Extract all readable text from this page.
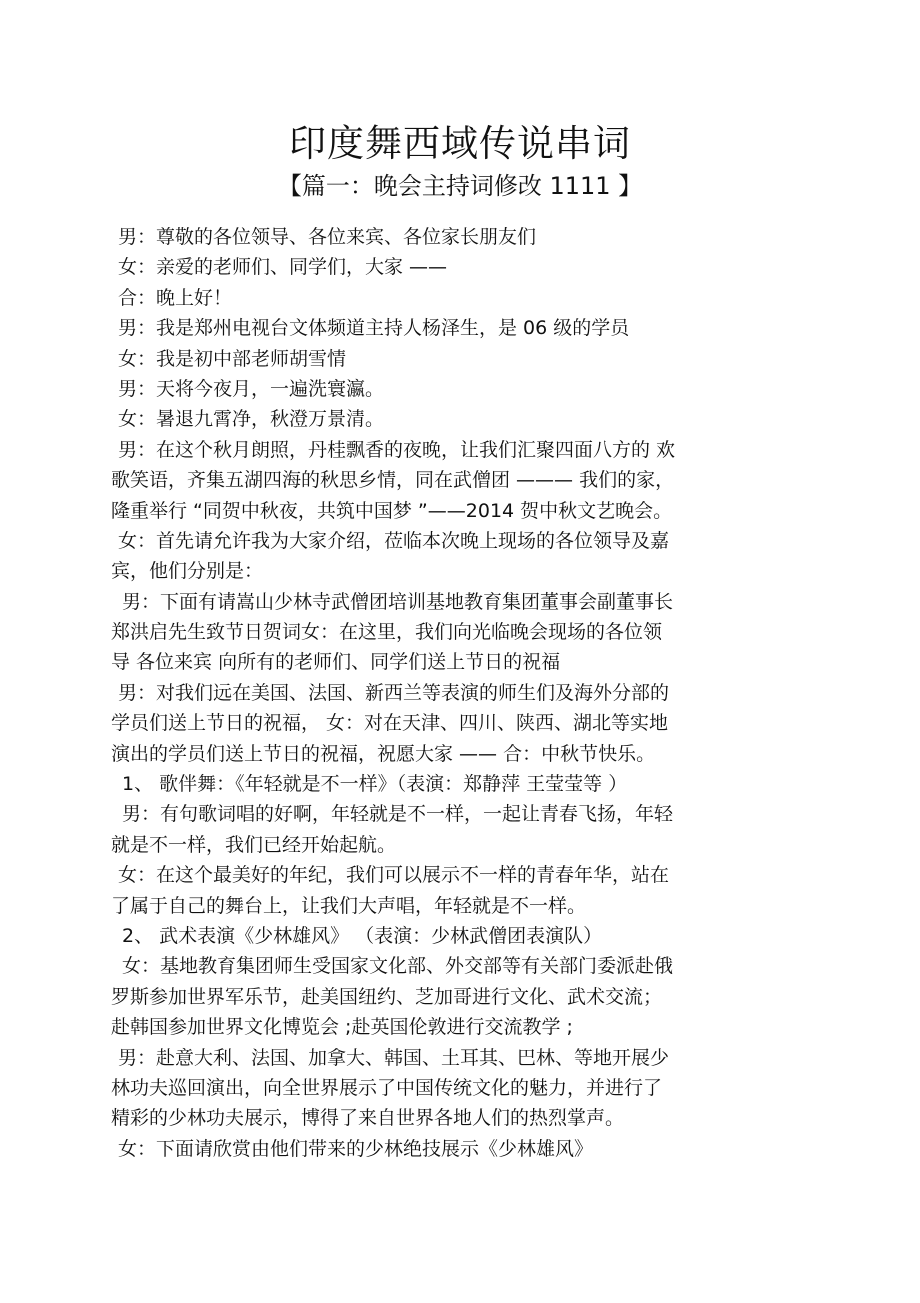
印度舞西域传说串词
【篇一：晚会主持词修改 1111 】
男：尊敬的各位领导、各位来宾、各位家长朋友们
女：亲爱的老师们、同学们，大家 ——
合：晚上好！
男：我是郑州电视台文体频道主持人杨泽生，是 06 级的学员
女：我是初中部老师胡雪情
男：天将今夜月，一遍洗寰瀛。
女：暑退九霄净，秋澄万景清。
男：在这个秋月朗照，丹桂飘香的夜晚，让我们汇聚四面八方的 欢
歌笑语，齐集五湖四海的秋思乡情，同在武僧团 ——— 我们的家，
隆重举行 “同贺中秋夜，共筑中国梦 ”——2014 贺中秋文艺晚会。
女：首先请允许我为大家介绍，莅临本次晚上现场的各位领导及嘉
宾，他们分别是：
男：下面有请嵩山少林寺武僧团培训基地教育集团董事会副董事长
郑洪启先生致节日贺词女：在这里，我们向光临晚会现场的各位领
导 各位来宾 向所有的老师们、同学们送上节日的祝福
男：对我们远在美国、法国、新西兰等表演的师生们及海外分部的
学员们送上节日的祝福， 女：对在天津、四川、陕西、湖北等实地
演出的学员们送上节日的祝福，祝愿大家 —— 合：中秋节快乐。
1、 歌伴舞：《年轻就是不一样》（表演：郑静萍 王莹莹等 ）
男：有句歌词唱的好啊，年轻就是不一样，一起让青春飞扬，年轻
就是不一样，我们已经开始起航。
女：在这个最美好的年纪，我们可以展示不一样的青春年华，站在
了属于自己的舞台上，让我们大声唱，年轻就是不一样。
2、 武术表演《少林雄风》 （表演：少林武僧团表演队）
女：基地教育集团师生受国家文化部、外交部等有关部门委派赴俄
罗斯参加世界军乐节，赴美国纽约、芝加哥进行文化、武术交流；
赴韩国参加世界文化博览会 ;赴英国伦敦进行交流教学 ;
男：赴意大利、法国、加拿大、韩国、土耳其、巴林、等地开展少
林功夫巡回演出，向全世界展示了中国传统文化的魅力，并进行了
精彩的少林功夫展示，博得了来自世界各地人们的热烈掌声。
女：下面请欣赏由他们带来的少林绝技展示《少林雄风》
